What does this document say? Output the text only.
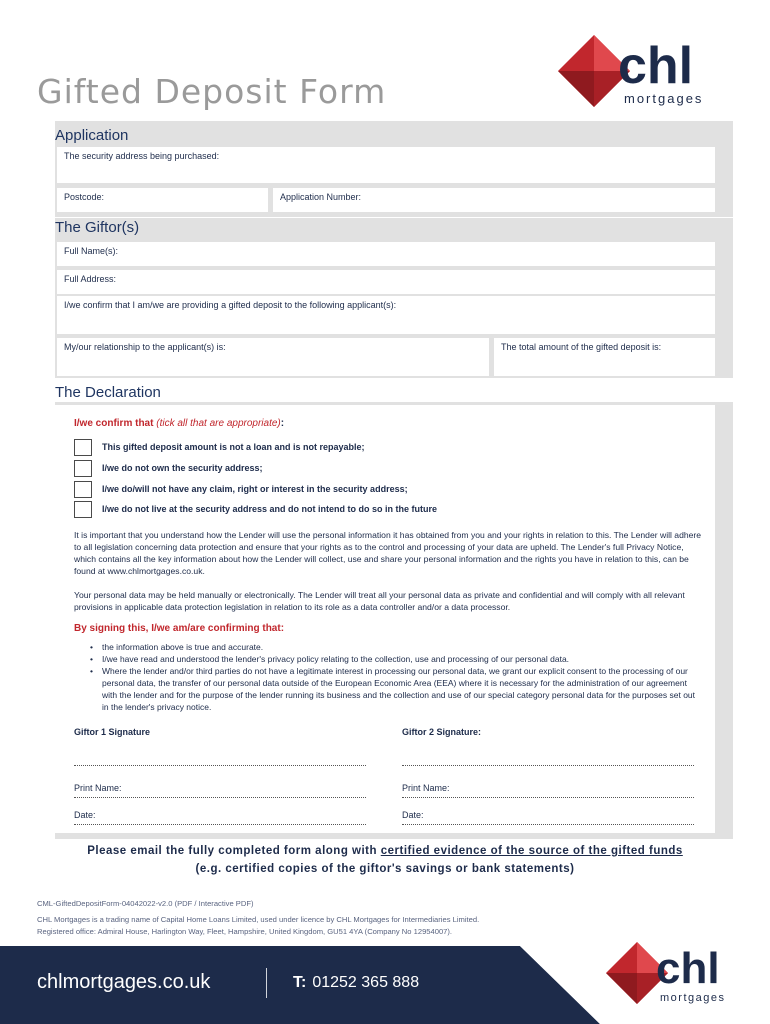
Gifted Deposit Form	chl
mortgages
Application
The security address being purchased:
Postcode:	Application Number:
The Giftor(s)
Full Name(s):
Full Address:
I/we confirm that I am/we are providing a gifted deposit to the following applicant(s):
My/our relationship to the applicant(s) is:	The total amount of the gifted deposit is:
The Declaration
I/we confirm that (tick all that are appropriate):
This gifted deposit amount is not a loan and is not repayable;
I/we do not own the security address;
I/we do/will not have any claim, right or interest in the security address;
I/we do not live at the security address and do not intend to do so in the future

It is important that you understand how the Lender will use the personal information it has obtained from you and your rights in relation to this. The Lender will adhere to all legislation concerning data protection and ensure that your rights as to the control and processing of your data are upheld. The Lender's full Privacy Notice, which contains all the key information about how the Lender will collect, use and share your personal information and the rights you have in relation to this, can be found at www.chlmortgages.co.uk.

Your personal data may be held manually or electronically. The Lender will treat all your personal data as private and confidential and will comply with all relevant provisions in applicable data protection legislation in relation to its role as a data controller and/or a data processor.

By signing this, I/we am/are confirming that:
• the information above is true and accurate.
• I/we have read and understood the lender's privacy policy relating to the collection, use and processing of our personal data.
• Where the lender and/or third parties do not have a legitimate interest in processing our personal data, we grant our explicit consent to the processing of our personal data, the transfer of our personal data outside of the European Economic Area (EEA) where it is necessary for the administration of our agreement with the lender and for the purpose of the lender running its business and the collection and use of our special category personal data for the purposes set out in the lender's privacy notice.
Giftor 1 Signature	Giftor 2 Signature:
Print Name:	Print Name:
Date:	Date:
Please email the fully completed form along with certified evidence of the source of the gifted funds
(e.g. certified copies of the giftor's savings or bank statements)
CML-GiftedDepositForm-04042022-v2.0 (PDF / Interactive PDF)
CHL Mortgages is a trading name of Capital Home Loans Limited, used under licence by CHL Mortgages for Intermediaries Limited.
Registered office: Admiral House, Harlington Way, Fleet, Hampshire, United Kingdom, GU51 4YA (Company No 12954007).
chlmortgages.co.uk	T: 01252 365 888	chl
mortgages
